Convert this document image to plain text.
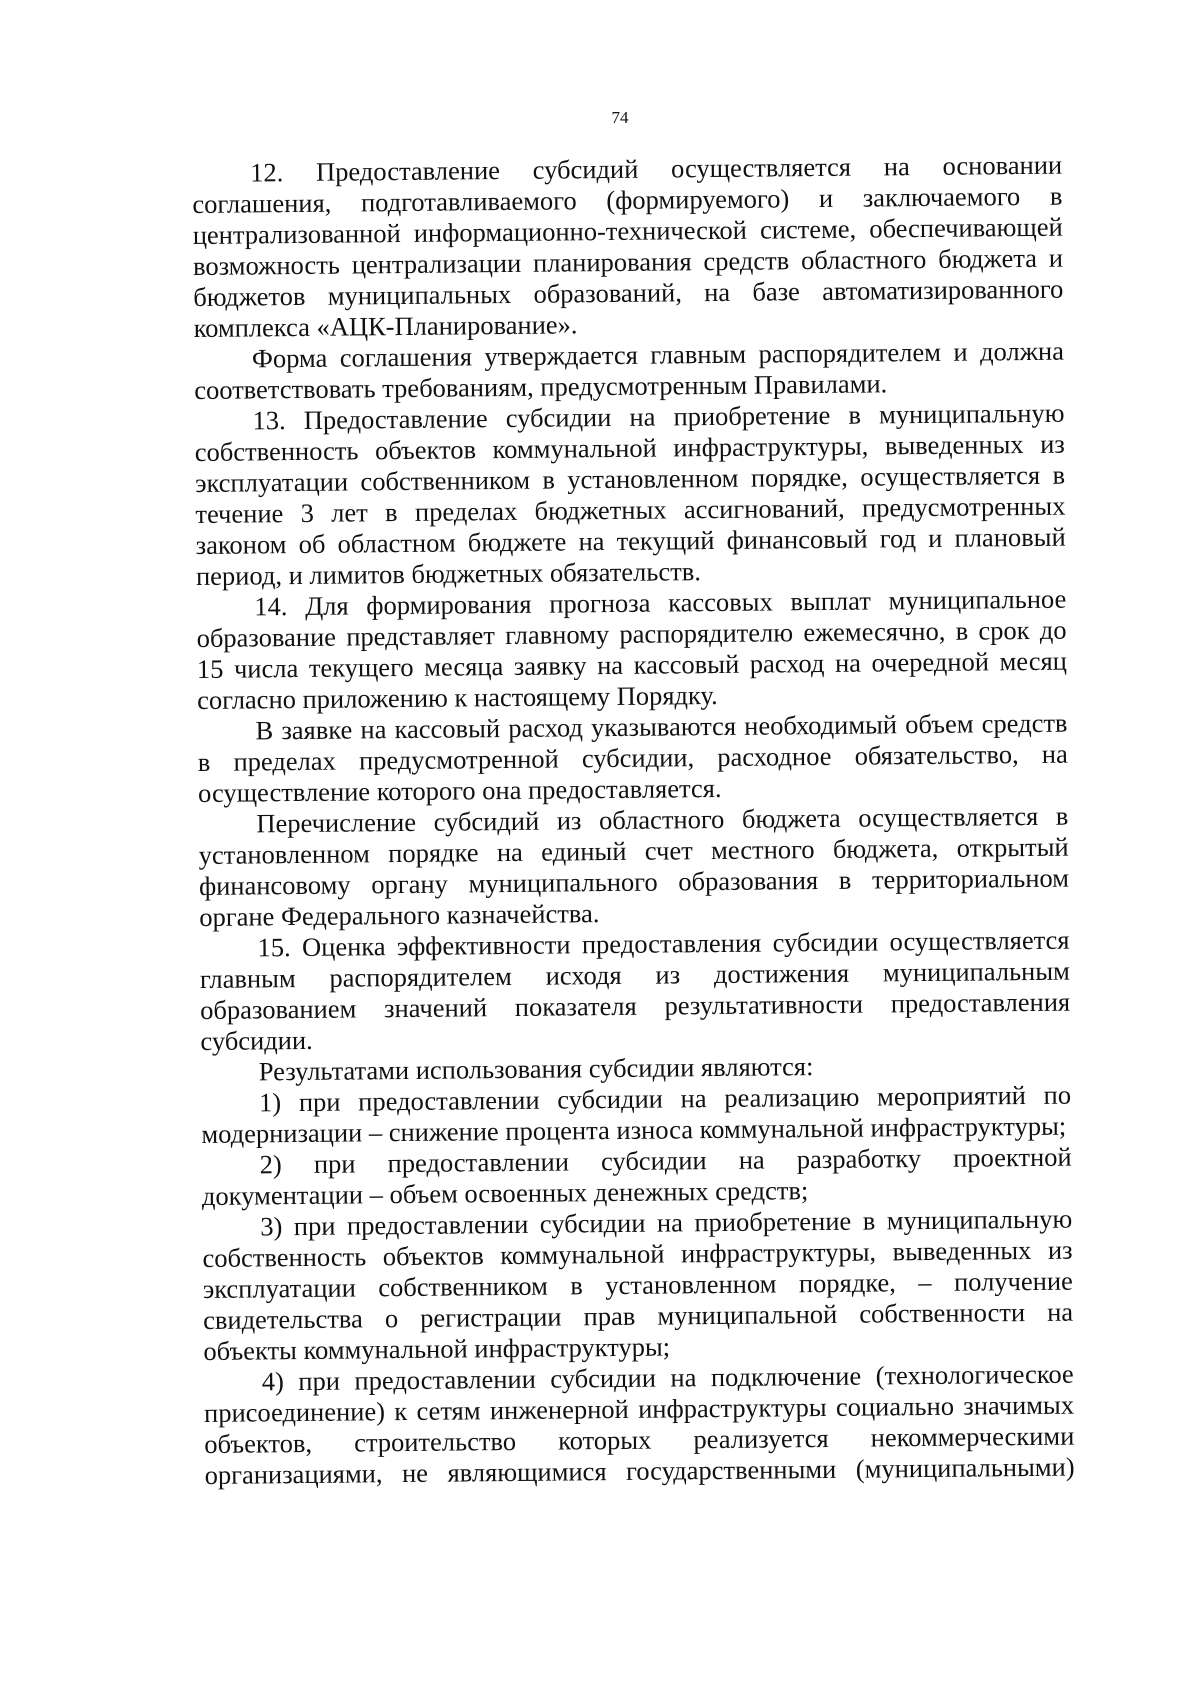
74

12. Предоставление субсидий осуществляется на основании соглашения, подготавливаемого (формируемого) и заключаемого в централизованной информационно-технической системе, обеспечивающей возможность централизации планирования средств областного бюджета и бюджетов муниципальных образований, на базе автоматизированного комплекса «АЦК-Планирование».

Форма соглашения утверждается главным распорядителем и должна соответствовать требованиям, предусмотренным Правилами.

13. Предоставление субсидии на приобретение в муниципальную собственность объектов коммунальной инфраструктуры, выведенных из эксплуатации собственником в установленном порядке, осуществляется в течение 3 лет в пределах бюджетных ассигнований, предусмотренных законом об областном бюджете на текущий финансовый год и плановый период, и лимитов бюджетных обязательств.

14. Для формирования прогноза кассовых выплат муниципальное образование представляет главному распорядителю ежемесячно, в срок до 15 числа текущего месяца заявку на кассовый расход на очередной месяц согласно приложению к настоящему Порядку.

В заявке на кассовый расход указываются необходимый объем средств в пределах предусмотренной субсидии, расходное обязательство, на осуществление которого она предоставляется.

Перечисление субсидий из областного бюджета осуществляется в установленном порядке на единый счет местного бюджета, открытый финансовому органу муниципального образования в территориальном органе Федерального казначейства.

15. Оценка эффективности предоставления субсидии осуществляется главным распорядителем исходя из достижения муниципальным образованием значений показателя результативности предоставления субсидии.

Результатами использования субсидии являются:

1) при предоставлении субсидии на реализацию мероприятий по модернизации – снижение процента износа коммунальной инфраструктуры;

2) при предоставлении субсидии на разработку проектной документации – объем освоенных денежных средств;

3) при предоставлении субсидии на приобретение в муниципальную собственность объектов коммунальной инфраструктуры, выведенных из эксплуатации собственником в установленном порядке, – получение свидетельства о регистрации прав муниципальной собственности на объекты коммунальной инфраструктуры;

4) при предоставлении субсидии на подключение (технологическое присоединение) к сетям инженерной инфраструктуры социально значимых объектов, строительство которых реализуется некоммерческими организациями, не являющимися государственными (муниципальными)
